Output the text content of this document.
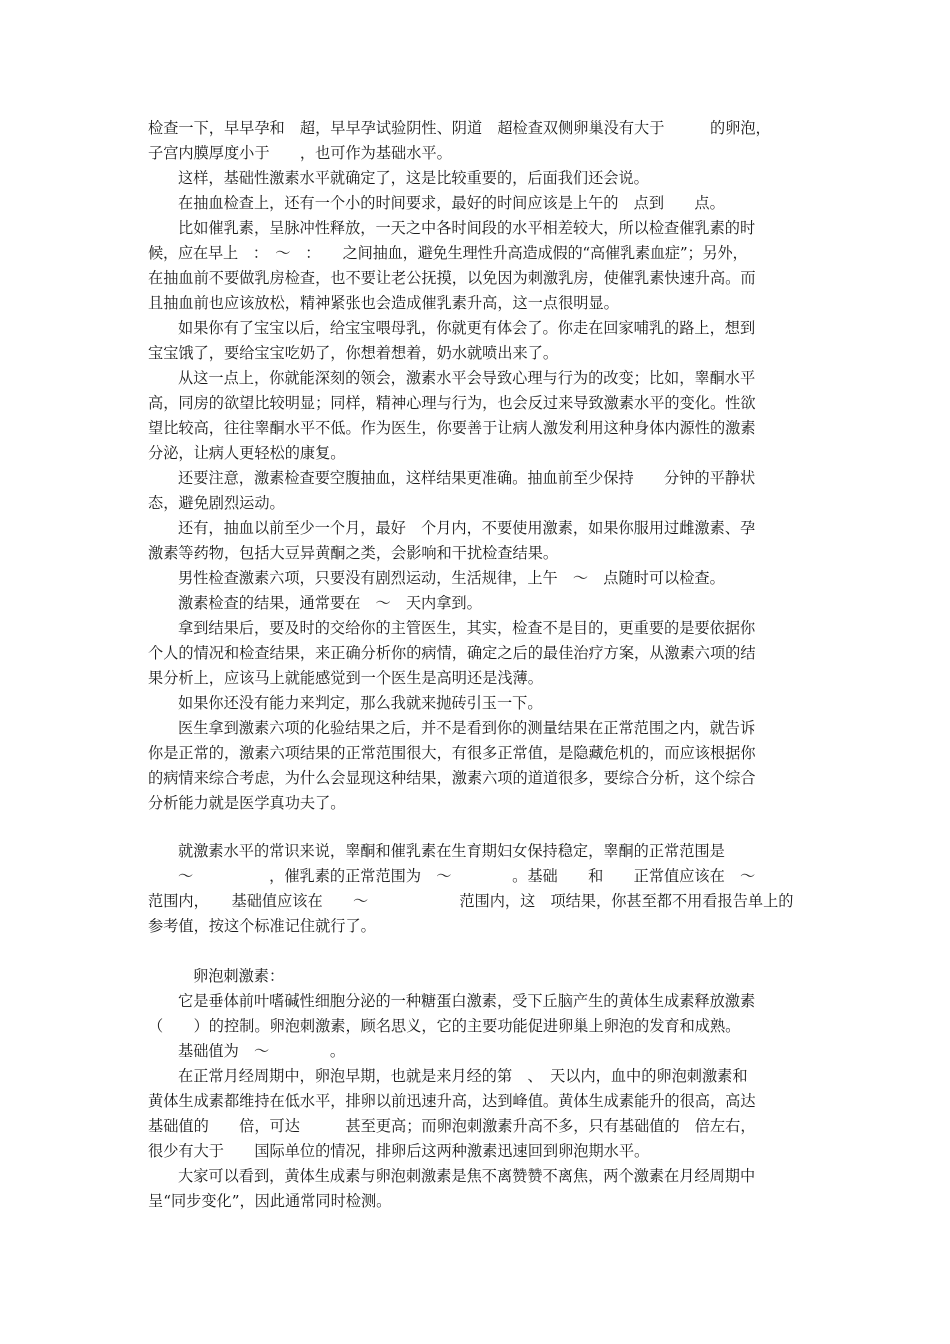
检查一下，早早孕和　超，早早孕试验阴性、阴道　超检查双侧卵巢没有大于　　　的卵泡，

子宫内膜厚度小于　　，也可作为基础水平。

这样，基础性激素水平就确定了，这是比较重要的，后面我们还会说。

在抽血检查上，还有一个小的时间要求，最好的时间应该是上午的　点到　　点。

比如催乳素，呈脉冲性释放，一天之中各时间段的水平相差较大，所以检查催乳素的时

候，应在早上　：　～　：　　之间抽血，避免生理性升高造成假的“高催乳素血症”；另外，

在抽血前不要做乳房检查，也不要让老公抚摸，以免因为刺激乳房，使催乳素快速升高。而

且抽血前也应该放松，精神紧张也会造成催乳素升高，这一点很明显。

如果你有了宝宝以后，给宝宝喂母乳，你就更有体会了。你走在回家哺乳的路上，想到

宝宝饿了，要给宝宝吃奶了，你想着想着，奶水就喷出来了。

从这一点上，你就能深刻的领会，激素水平会导致心理与行为的改变；比如，睾酮水平

高，同房的欲望比较明显；同样，精神心理与行为，也会反过来导致激素水平的变化。性欲

望比较高，往往睾酮水平不低。作为医生，你要善于让病人激发利用这种身体内源性的激素

分泌，让病人更轻松的康复。

还要注意，激素检查要空腹抽血，这样结果更准确。抽血前至少保持　　分钟的平静状

态，避免剧烈运动。

还有，抽血以前至少一个月，最好　个月内，不要使用激素，如果你服用过雌激素、孕

激素等药物，包括大豆异黄酮之类，会影响和干扰检查结果。

男性检查激素六项，只要没有剧烈运动，生活规律，上午　～　点随时可以检查。

激素检查的结果，通常要在　～　天内拿到。

拿到结果后，要及时的交给你的主管医生，其实，检查不是目的，更重要的是要依据你

个人的情况和检查结果，来正确分析你的病情，确定之后的最佳治疗方案，从激素六项的结

果分析上，应该马上就能感觉到一个医生是高明还是浅薄。

如果你还没有能力来判定，那么我就来抛砖引玉一下。

医生拿到激素六项的化验结果之后，并不是看到你的测量结果在正常范围之内，就告诉

你是正常的，激素六项结果的正常范围很大，有很多正常值，是隐藏危机的，而应该根据你

的病情来综合考虑，为什么会显现这种结果，激素六项的道道很多，要综合分析，这个综合

分析能力就是医学真功夫了。

就激素水平的常识来说，睾酮和催乳素在生育期妇女保持稳定，睾酮的正常范围是

～　　　　　，催乳素的正常范围为　～　　　　。基础　　和　　正常值应该在　～

范围内，　　基础值应该在　　～　　　　　　范围内，这　项结果，你甚至都不用看报告单上的

参考值，按这个标准记住就行了。

卵泡刺激素：

它是垂体前叶嗜碱性细胞分泌的一种糖蛋白激素，受下丘脑产生的黄体生成素释放激素

（　　）的控制。卵泡刺激素，顾名思义，它的主要功能促进卵巢上卵泡的发育和成熟。

基础值为　～　　　　。

在正常月经周期中，卵泡早期，也就是来月经的第　、　天以内，血中的卵泡刺激素和

黄体生成素都维持在低水平，排卵以前迅速升高，达到峰值。黄体生成素能升的很高，高达

基础值的　　倍，可达　　　甚至更高；而卵泡刺激素升高不多，只有基础值的　倍左右，

很少有大于　　国际单位的情况，排卵后这两种激素迅速回到卵泡期水平。

大家可以看到，黄体生成素与卵泡刺激素是焦不离赞赞不离焦，两个激素在月经周期中

呈“同步变化”，因此通常同时检测。
